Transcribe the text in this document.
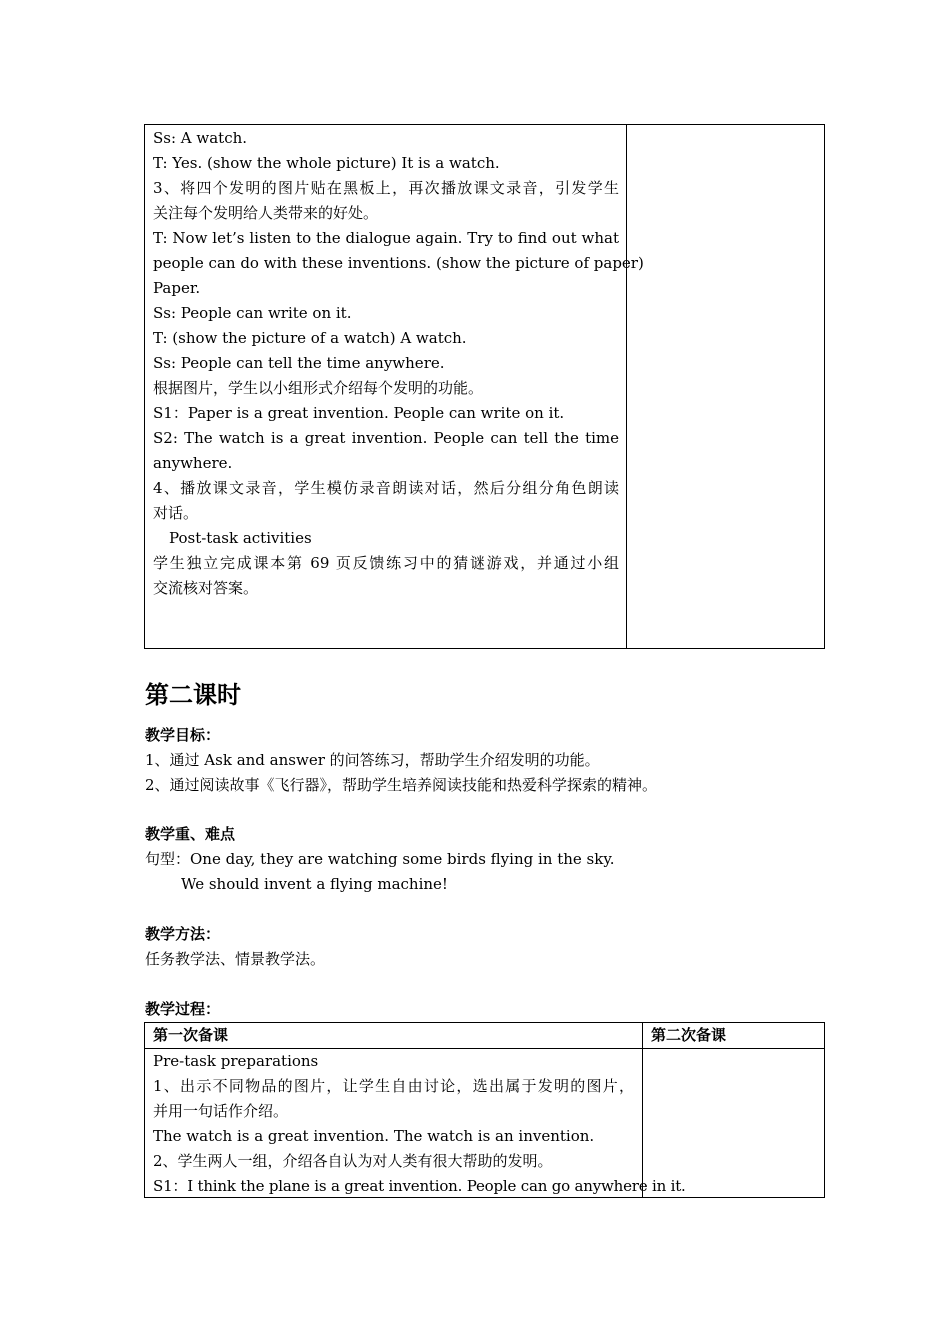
Ss: A watch.

T: Yes. (show the whole picture) It is a watch.

3、将四个发明的图片贴在黑板上，再次播放课文录音，引发学生

关注每个发明给人类带来的好处。

T: Now let’s listen to the dialogue again. Try to find out what

people can do with these inventions. (show the picture of paper)

Paper.

Ss: People can write on it.

T: (show the picture of a watch) A watch.

Ss: People can tell the time anywhere.

根据图片，学生以小组形式介绍每个发明的功能。

S1：Paper is a great invention. People can write on it.

S2: The watch is a great invention. People can tell the time

anywhere.

4、播放课文录音，学生模仿录音朗读对话，然后分组分角色朗读

对话。

Post-task activities

学生独立完成课本第 69 页反馈练习中的猜谜游戏，并通过小组

交流核对答案。

第二课时

教学目标：

1、通过 Ask and answer 的问答练习，帮助学生介绍发明的功能。

2、通过阅读故事《飞行器》，帮助学生培养阅读技能和热爱科学探索的精神。

教学重、难点

句型：One day, they are watching some birds flying in the sky.

We should invent a flying machine!

教学方法：

任务教学法、情景教学法。

教学过程：

第一次备课	第二次备课

Pre-task preparations

1、出示不同物品的图片，让学生自由讨论，选出属于发明的图片，

并用一句话作介绍。

The watch is a great invention. The watch is an invention.

2、学生两人一组，介绍各自认为对人类有很大帮助的发明。

S1：I think the plane is a great invention. People can go anywhere in it.
